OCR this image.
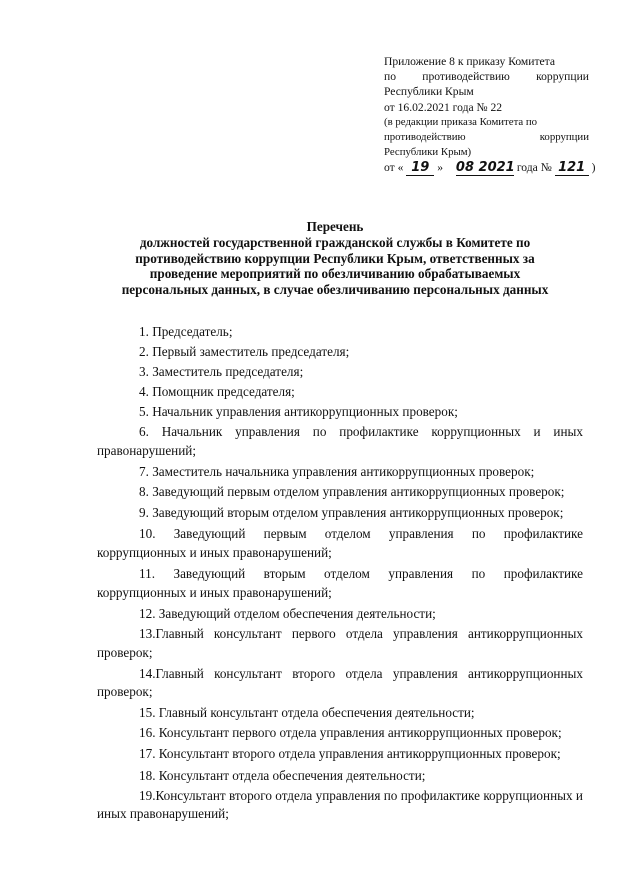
Приложение 8 к приказу Комитета
по противодействию коррупции
Республики Крым
от 16.02.2021 года № 22
(в редакции приказа Комитета по
противодействию коррупции
Республики Крым)
от « 19 » 08 2021 года № 121 )
Перечень
должностей государственной гражданской службы в Комитете по
противодействию коррупции Республики Крым, ответственных за
проведение мероприятий по обезличиванию обрабатываемых
персональных данных, в случае обезличиванию персональных данных

1. Председатель;

2. Первый заместитель председателя;

3. Заместитель председателя;

4. Помощник председателя;

5. Начальник управления антикоррупционных проверок;

6. Начальник управления по профилактике коррупционных и иных правонарушений;

7. Заместитель начальника управления антикоррупционных проверок;

8. Заведующий первым отделом управления антикоррупционных проверок;

9. Заведующий вторым отделом управления антикоррупционных проверок;

10. Заведующий первым отделом управления по профилактике коррупционных и иных правонарушений;

11. Заведующий вторым отделом управления по профилактике коррупционных и иных правонарушений;

12. Заведующий отделом обеспечения деятельности;

13.Главный консультант первого отдела управления антикоррупционных проверок;

14.Главный консультант второго отдела управления антикоррупционных проверок;

15. Главный консультант отдела обеспечения деятельности;

16. Консультант первого отдела управления антикоррупционных проверок;

17. Консультант второго отдела управления антикоррупционных проверок;

18. Консультант отдела обеспечения деятельности;

19.Консультант второго отдела управления по профилактике коррупционных и иных правонарушений;
